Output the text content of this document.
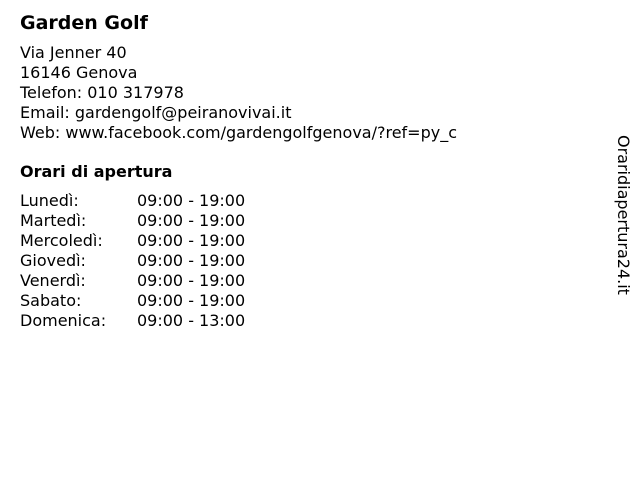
Garden Golf
Via Jenner 40
16146 Genova
Telefon: 010 317978
Email: gardengolf@peiranovivai.it
Web: www.facebook.com/gardengolfgenova/?ref=py_c
Orari di apertura
Lunedì:	09:00 - 19:00
Martedì:	09:00 - 19:00
Mercoledì:	09:00 - 19:00
Giovedì:	09:00 - 19:00
Venerdì:	09:00 - 19:00
Sabato:	09:00 - 19:00
Domenica:	09:00 - 13:00
Oraridiapertura24.it
